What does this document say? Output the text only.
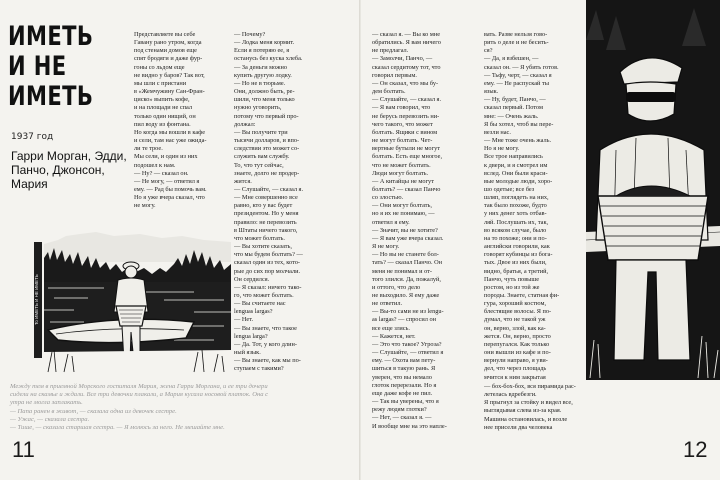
ИМЕТЬ И НЕ ИМЕТЬ
1937 год
Гарри Морган, Эдди, Панчо, Джонсон, Мария
Представляете вы себе
Гавану рано утром, когда
под стенами домов еще
спят бродяги и даже фур-
гоны со льдом еще
не видно у баров? Так вот,
мы шли с пристани
в «Жемчужину Сан-Фран-
циско» выпить кофе,
и на площади не спал
только один нищий, он
пил воду из фонтана.
Но когда мы вошли в кафе
и сели, там нас уже ожида-
ли те трое.
Мы сели, и один из них
подошел к нам.
— Ну? — сказал он.
— Не могу, — ответил я
ему. — Рад бы помочь вам.
Но я уже вчера сказал, что
не могу.
— Почему?
— Лодка меня кормит.
Если я потеряю ее, я
останусь без куска хлеба.
— За деньги можно
купить другую лодку.
— Но не в тюрьме.
Они, должно быть, ре-
шили, что меня только
нужно уговорить,
потому что первый про-
должал:
— Вы получите три
тысячи долларов, и впо-
следствии это может со-
служить вам службу.
То, что тут сейчас,
знаете, долго не продер-
жится.
— Слушайте, — сказал я.
— Мне совершенно все
равно, кто у вас будет
президентом. Но у меня
правило: не перевозить
в Штаты ничего такого,
что может болтать.
— Вы хотите сказать,
что мы будем болтать? —
сказал один из тех, кото-
рые до сих пор молчали.
Он сердился.
— Я сказал: ничего тако-
го, что может болтать.
— Вы считаете нас
lenguas largas?
— Нет.
— Вы знаете, что такое
lengua larga?
— Да. Тот, у кого длин-
ный язык.
— Вы знаете, как мы по-
ступаем с такими?
То ИМЕТЬ И НЕ ИМЕТЬ
Между тем в приемной Морского госпиталя Мария, жена Гарри Моргана, и ее три дочери
сидели на скамье и ждали. Все три девочки плакали, а Мария кусала носовой платок. Она с
утра не могла заплакать.
— Папа ранен в живот, — сказала одна из девочек сестре.
— Ужас, — сказала сестра.
— Тише, — сказала старшая сестра. — Я молюсь за него. Не мешайте мне.
11
— сказал я. — Вы ко мне
обратились. Я вам ничего
не предлагал.
— Замолчи, Панчо, —
сказал сердитому тот, что
говорил первым.
— Он сказал, что мы бу-
дем болтать.
— Слушайте, — сказал я.
— Я вам говорил, что
не берусь перевозить ни-
чего такого, что может
болтать. Ящики с вином
не могут болтать. Чет-
вертные бутыли не могут
болтать. Есть еще многое,
что не может болтать.
Люди могут болтать.
— А китайцы не могут
болтать? — сказал Панчо
со злостью.
— Они могут болтать,
но я их не понимаю, —
ответил я ему.
— Значит, вы не хотите?
— Я вам уже вчера сказал.
Я не могу.
— Но вы не станете бол-
тать? — сказал Панчо. Он
меня не понимал и от-
того злился. Да, пожалуй,
и оттого, что дело
не выходило. Я ему даже
не ответил.
— Вы-то сами не из lengu-
as largas? — спросил он
все еще злясь.
— Кажется, нет.
— Это что такое? Угроза?
— Слушайте, — ответил я
ему. — Охота вам пету-
шиться в такую рань. Я
уверен, что вы немало
глоток перерезали. Но я
еще даже кофе не пил.
— Так вы уверены, что я
режу людям глотки?
— Нет, — сказал я. —
И вообще мне на это напле-
вать. Разве нельзя гово-
рить о деле и не бесить-
ся?
— Да, я взбешен, —
сказал он. — Я убить готов.
— Тьфу, черт, — сказал я
ему. — Не распускай ты
язык.
— Ну, будет, Панчо, —
сказал первый. Потом
мне: — Очень жаль.
Я бы хотел, чтоб вы пере-
везли нас.
— Мне тоже очень жаль.
Но я не могу.
Все трое направились
к двери, и я смотрел им
вслед. Они были краси-
вые молодые люди, хоро-
шо одетые; все без
шляп, поглядеть на них,
так было похоже, будто
у них денег хоть отбав-
ляй. Послушать их, так,
во всяком случае, было
на то похоже; они и по-
английски говорили, как
говорят кубинцы из бога-
тых. Двое из них были,
видно, братья, а третий,
Панчо, чуть повыше
ростом, но из той же
породы. Знаете, статная фи-
гура, хороший костюм,
блестящие волосы. Я по-
думал, что не такой уж
он, верно, злой, как ка-
жется. Он, верно, просто
перепугался. Как только
они вышли из кафе и по-
вернули направо, я уви-
дел, что через площадь
мчится к ним закрытая

— бох-бох-бох, вся пирамида рас-
летелась вдребезги.
Я прыгнул за стойку и видел все,
выглядывая слева из-за края.
Машина остановилась, и возле
нее присели два человека
12
